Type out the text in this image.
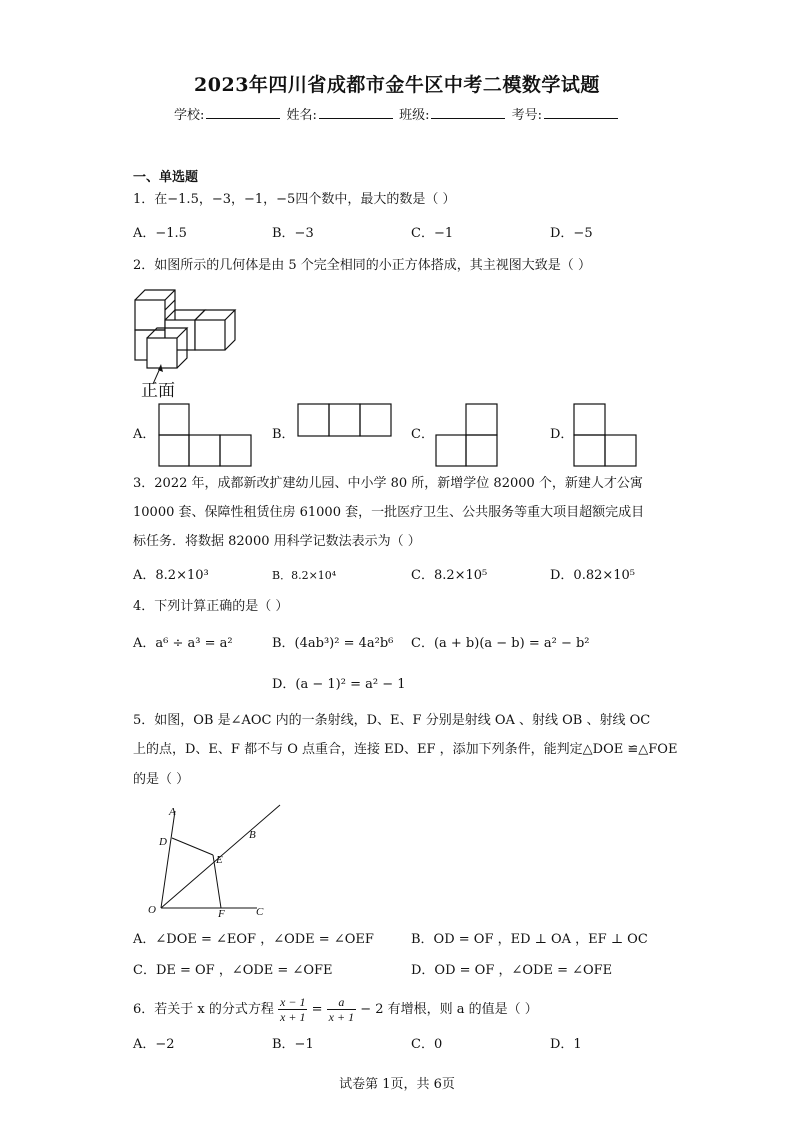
2023年四川省成都市金牛区中考二模数学试题
学校:	姓名:	班级:	考号:
一、单选题
1．在−1.5，−3，−1，−5四个数中，最大的数是（ ）
A．−1.5	B．−3	C．−1	D．−5
2．如图所示的几何体是由 5 个完全相同的小正方体搭成，其主视图大致是（ ）
正面
A．	B．	C．	D．
3．2022 年，成都新改扩建幼儿园、中小学 80 所，新增学位 82000 个，新建人才公寓
10000 套、保障性租赁住房 61000 套，一批医疗卫生、公共服务等重大项目超额完成目
标任务．将数据 82000 用科学记数法表示为（ ）
A．8.2×10³	B．8.2×10⁴	C．8.2×10⁵	D．0.82×10⁵
4．下列计算正确的是（ ）
A．a⁶ ÷ a³ = a²	B．(4ab³)² = 4a²b⁶ C．(a + b)(a − b) = a² − b²
D．(a − 1)² = a² − 1
5．如图，OB 是∠AOC 内的一条射线，D、E、F 分别是射线 OA 、射线 OB 、射线 OC
上的点，D、E、F 都不与 O 点重合，连接 ED、EF ，添加下列条件，能判定△DOE ≌△FOE
的是（ ）
A
B
C
D
E
F
O
A．∠DOE = ∠EOF ，∠ODE = ∠OEF	B．OD = OF ，ED ⊥ OA ，EF ⊥ OC
C．DE = OF ，∠ODE = ∠OFE	D．OD = OF ，∠ODE = ∠OFE
6．若关于 x 的分式方程 $\frac{x - 1}{x + 1} = \frac{a}{x + 1} - 2$ 有增根，则 a 的值是（ ）
A．−2	B．−1	C．0	D．1
试卷第 1页，共 6页
